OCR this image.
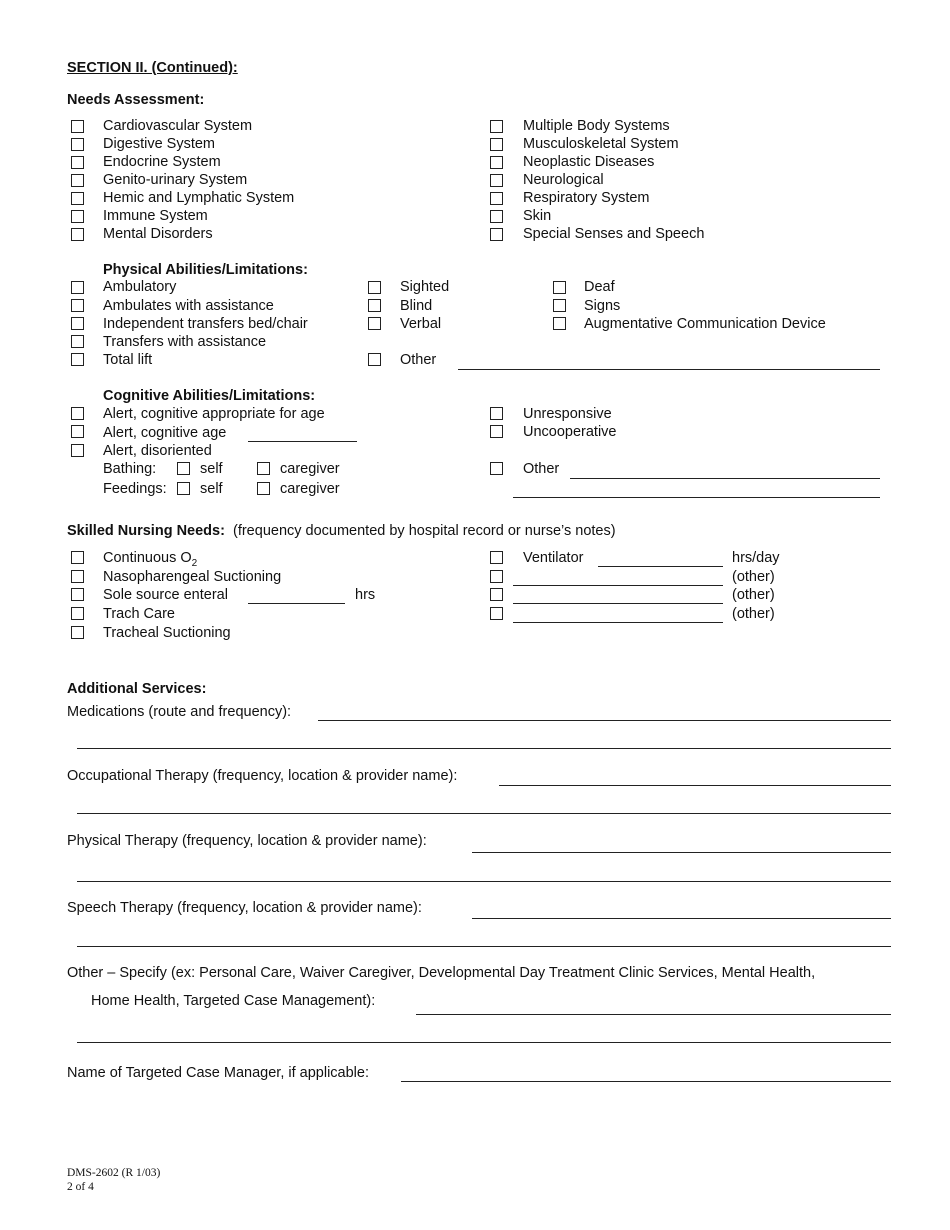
SECTION II. (Continued):
Needs Assessment:
Cardiovascular System
Digestive System
Endocrine System
Genito-urinary System
Hemic and Lymphatic System
Immune System
Mental Disorders
Multiple Body Systems
Musculoskeletal System
Neoplastic Diseases
Neurological
Respiratory System
Skin
Special Senses and Speech
Physical Abilities/Limitations:
Ambulatory
Ambulates with assistance
Independent transfers bed/chair
Transfers with assistance
Total lift
Sighted
Blind
Verbal
Other
Deaf
Signs
Augmentative Communication Device
Cognitive Abilities/Limitations:
Alert, cognitive appropriate for age
Alert, cognitive age
Alert, disoriented
Bathing:	self	caregiver
Feedings: self	caregiver
Unresponsive
Uncooperative
Other
Skilled Nursing Needs: (frequency documented by hospital record or nurse’s notes)
Continuous $O_2$
Nasopharengeal Suctioning
Sole source enteral	hrs
Trach Care
Tracheal Suctioning
Ventilator	hrs/day
(other)
(other)
(other)
Additional Services:
Medications (route and frequency):
Occupational Therapy (frequency, location & provider name):
Physical Therapy (frequency, location & provider name):
Speech Therapy (frequency, location & provider name):
Other – Specify (ex: Personal Care, Waiver Caregiver, Developmental Day Treatment Clinic Services, Mental Health,
Home Health, Targeted Case Management):
Name of Targeted Case Manager, if applicable:
DMS-2602 (R 1/03)
2 of 4
